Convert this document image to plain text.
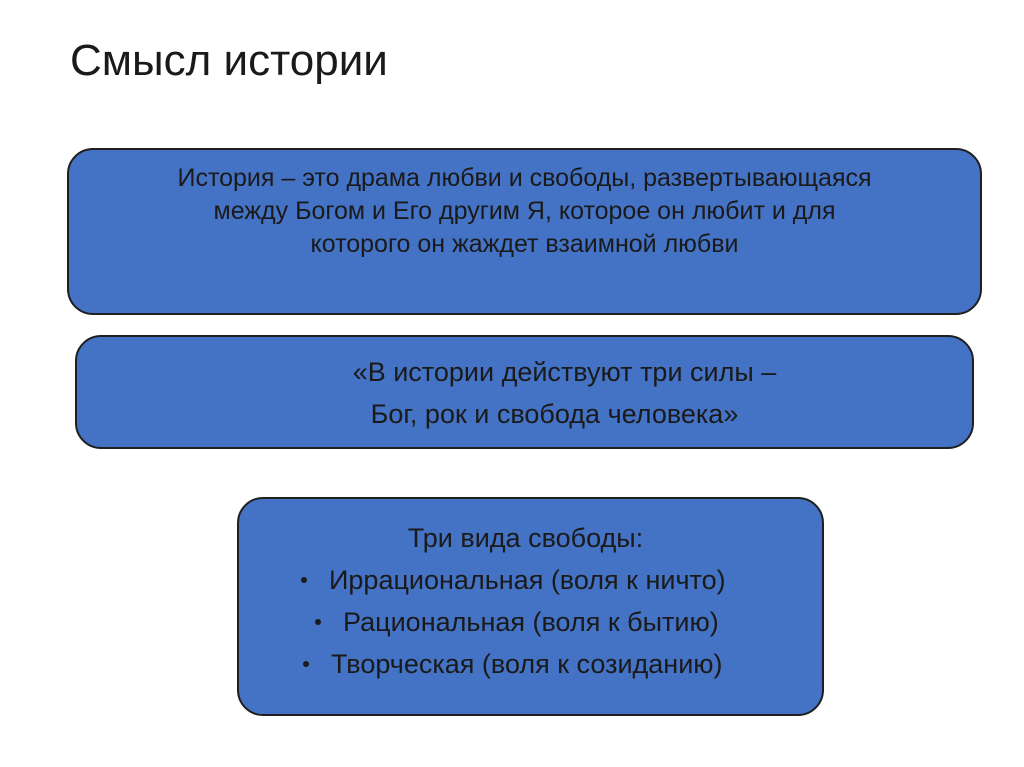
Смысл истории
История – это драма любви и свободы, развертывающаяся
между Богом и Его другим Я, которое он любит и для
которого он жаждет взаимной любви
«В истории действуют три силы –
Бог, рок и свобода человека»
Три вида свободы:
Иррациональная (воля к ничто)
Рациональная (воля к бытию)
Творческая (воля к созиданию)
